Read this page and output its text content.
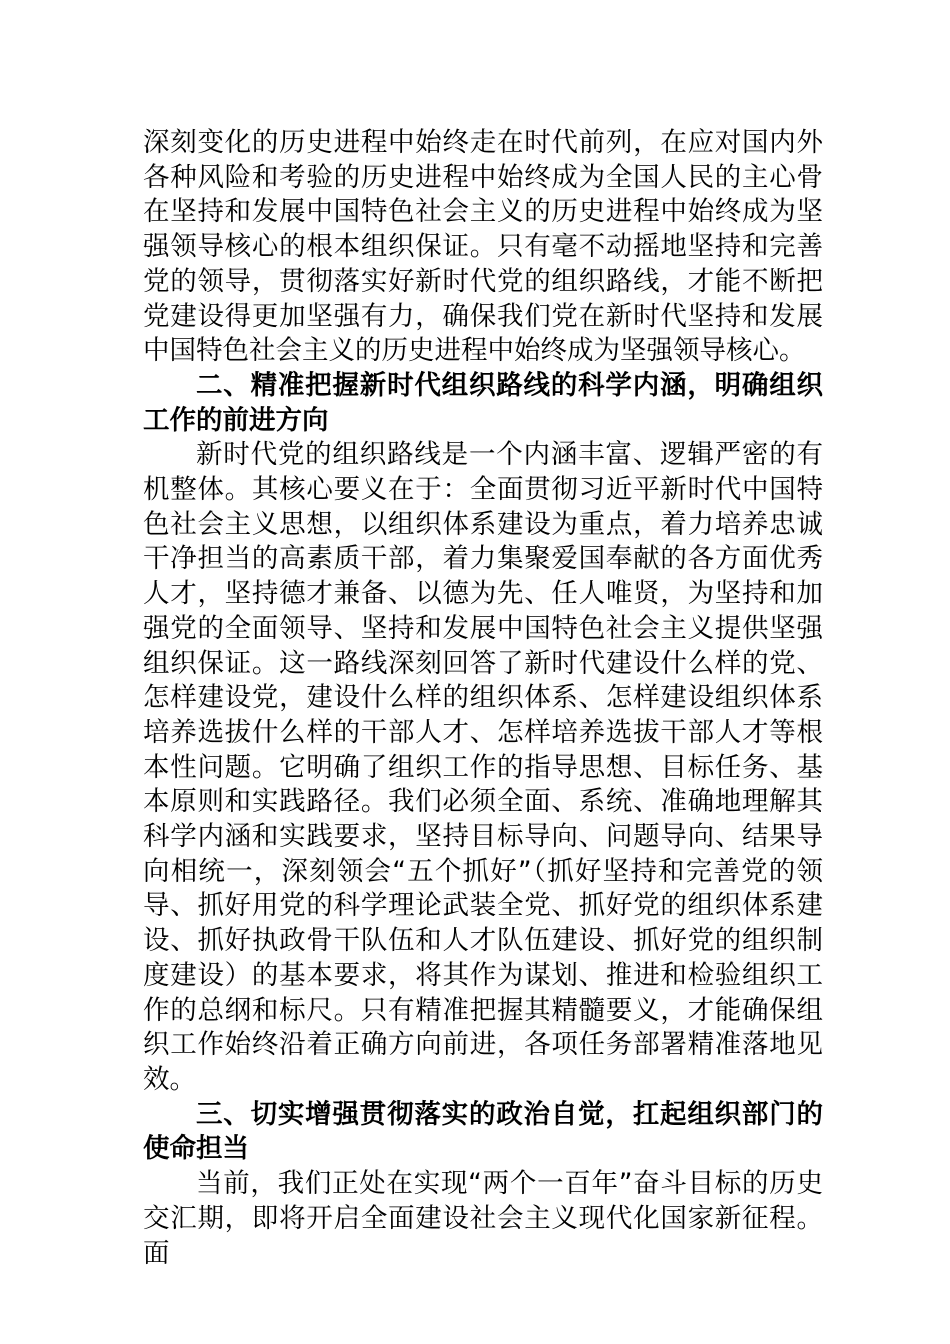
深刻变化的历史进程中始终走在时代前列，在应对国内外各种风险和考验的历史进程中始终成为全国人民的主心骨在坚持和发展中国特色社会主义的历史进程中始终成为坚强领导核心的根本组织保证。只有毫不动摇地坚持和完善党的领导，贯彻落实好新时代党的组织路线，才能不断把党建设得更加坚强有力，确保我们党在新时代坚持和发展中国特色社会主义的历史进程中始终成为坚强领导核心。

二、精准把握新时代组织路线的科学内涵，明确组织工作的前进方向

新时代党的组织路线是一个内涵丰富、逻辑严密的有机整体。其核心要义在于：全面贯彻习近平新时代中国特色社会主义思想，以组织体系建设为重点，着力培养忠诚干净担当的高素质干部，着力集聚爱国奉献的各方面优秀人才，坚持德才兼备、以德为先、任人唯贤，为坚持和加强党的全面领导、坚持和发展中国特色社会主义提供坚强组织保证。这一路线深刻回答了新时代建设什么样的党、怎样建设党，建设什么样的组织体系、怎样建设组织体系培养选拔什么样的干部人才、怎样培养选拔干部人才等根本性问题。它明确了组织工作的指导思想、目标任务、基本原则和实践路径。我们必须全面、系统、准确地理解其科学内涵和实践要求，坚持目标导向、问题导向、结果导向相统一，深刻领会“五个抓好”（抓好坚持和完善党的领导、抓好用党的科学理论武装全党、抓好党的组织体系建设、抓好执政骨干队伍和人才队伍建设、抓好党的组织制度建设）的基本要求，将其作为谋划、推进和检验组织工作的总纲和标尺。只有精准把握其精髓要义，才能确保组织工作始终沿着正确方向前进，各项任务部署精准落地见效。

三、切实增强贯彻落实的政治自觉，扛起组织部门的使命担当

当前，我们正处在实现“两个一百年”奋斗目标的历史交汇期，即将开启全面建设社会主义现代化国家新征程。面
